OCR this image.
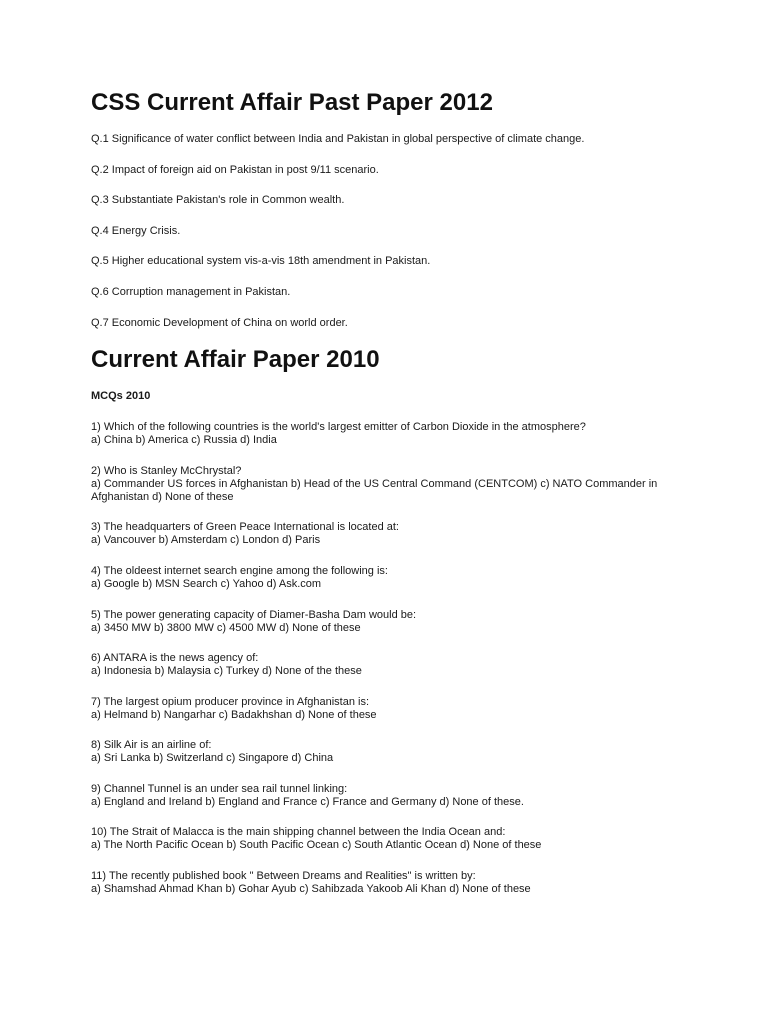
CSS Current Affair Past Paper 2012
Q.1 Significance of water conflict between India and Pakistan in global perspective of climate change.
Q.2 Impact of foreign aid on Pakistan in post 9/11 scenario.
Q.3 Substantiate Pakistan's role in Common wealth.
Q.4 Energy Crisis.
Q.5 Higher educational system vis-a-vis 18th amendment in Pakistan.
Q.6 Corruption management in Pakistan.
Q.7 Economic Development of China on world order.
Current Affair Paper 2010
MCQs 2010
1) Which of the following countries is the world's largest emitter of Carbon Dioxide in the atmosphere?
a) China b) America c) Russia d) India
2) Who is Stanley McChrystal?
a) Commander US forces in Afghanistan b) Head of the US Central Command (CENTCOM) c) NATO Commander in Afghanistan d) None of these
3) The headquarters of Green Peace International is located at:
a) Vancouver b) Amsterdam c) London d) Paris
4) The oldeest internet search engine among the following is:
a) Google b) MSN Search c) Yahoo d) Ask.com
5) The power generating capacity of Diamer-Basha Dam would be:
a) 3450 MW b) 3800 MW c) 4500 MW d) None of these
6) ANTARA is the news agency of:
a) Indonesia b) Malaysia c) Turkey d) None of the these
7) The largest opium producer province in Afghanistan is:
a) Helmand b) Nangarhar c) Badakhshan d) None of these
8) Silk Air is an airline of:
a) Sri Lanka b) Switzerland c) Singapore d) China
9) Channel Tunnel is an under sea rail tunnel linking:
a) England and Ireland b) England and France c) France and Germany d) None of these.
10) The Strait of Malacca is the main shipping channel between the India Ocean and:
a) The North Pacific Ocean b) South Pacific Ocean c) South Atlantic Ocean d) None of these
11) The recently published book " Between Dreams and Realities" is written by:
a) Shamshad Ahmad Khan b) Gohar Ayub c) Sahibzada Yakoob Ali Khan d) None of these
